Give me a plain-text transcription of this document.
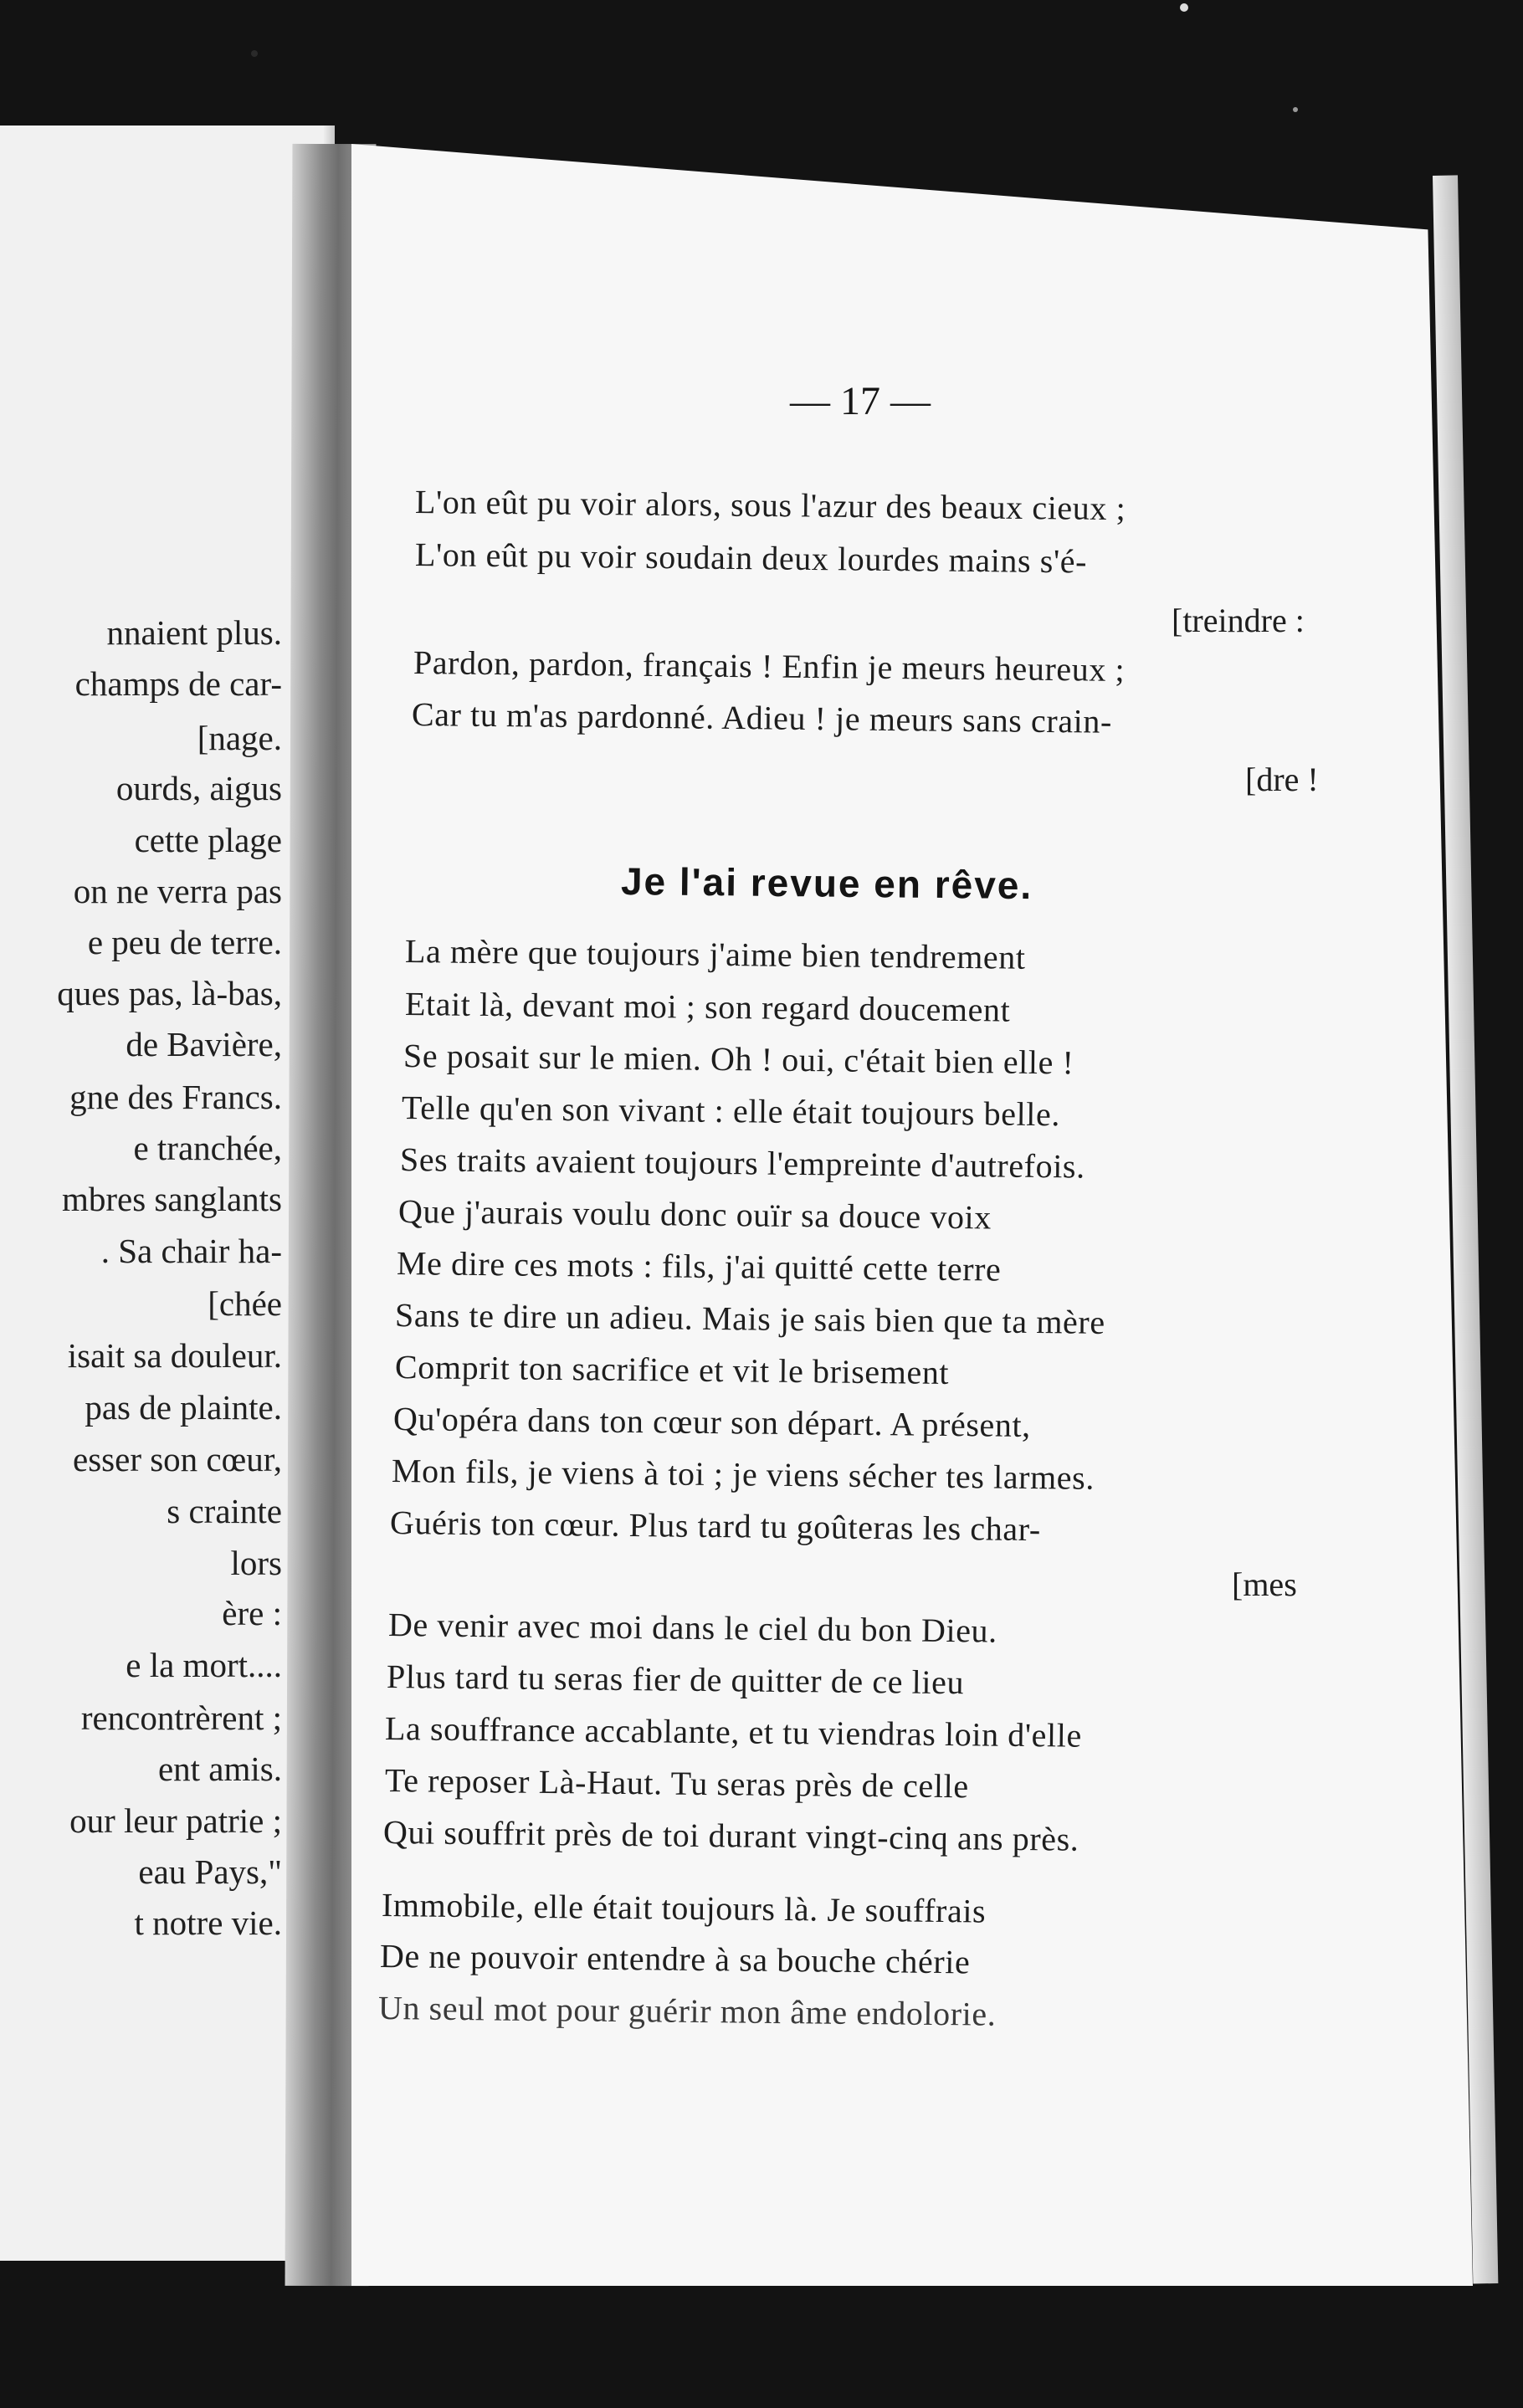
nnaient plus.
champs de car-
[nage.
ourds, aigus
cette plage
on ne verra pas
e peu de terre.
ques pas, là-bas,
de Bavière,
gne des Francs.
e tranchée,
mbres sanglants
. Sa chair ha-
[chée
isait sa douleur.
pas de plainte.
esser son cœur,
s crainte
lors
ère :
e la mort....
rencontrèrent ;
ent amis.
our leur patrie ;
eau Pays,"
t notre vie.
— 17 —
L'on eût pu voir alors, sous l'azur des beaux cieux ;
L'on eût pu voir soudain deux lourdes mains s'é-
[treindre :
Pardon, pardon, français ! Enfin je meurs heureux ;
Car tu m'as pardonné. Adieu ! je meurs sans crain-
[dre !
Je l'ai revue en rêve.
La mère que toujours j'aime bien tendrement
Etait là, devant moi ; son regard doucement
Se posait sur le mien. Oh ! oui, c'était bien elle !
Telle qu'en son vivant : elle était toujours belle.
Ses traits avaient toujours l'empreinte d'autrefois.
Que j'aurais voulu donc ouïr sa douce voix
Me dire ces mots : fils, j'ai quitté cette terre
Sans te dire un adieu. Mais je sais bien que ta mère
Comprit ton sacrifice et vit le brisement
Qu'opéra dans ton cœur son départ. A présent,
Mon fils, je viens à toi ; je viens sécher tes larmes.
Guéris ton cœur. Plus tard tu goûteras les char-
[mes
De venir avec moi dans le ciel du bon Dieu.
Plus tard tu seras fier de quitter de ce lieu
La souffrance accablante, et tu viendras loin d'elle
Te reposer Là-Haut. Tu seras près de celle
Qui souffrit près de toi durant vingt-cinq ans près.
Immobile, elle était toujours là. Je souffrais
De ne pouvoir entendre à sa bouche chérie
Un seul mot pour guérir mon âme endolorie.
